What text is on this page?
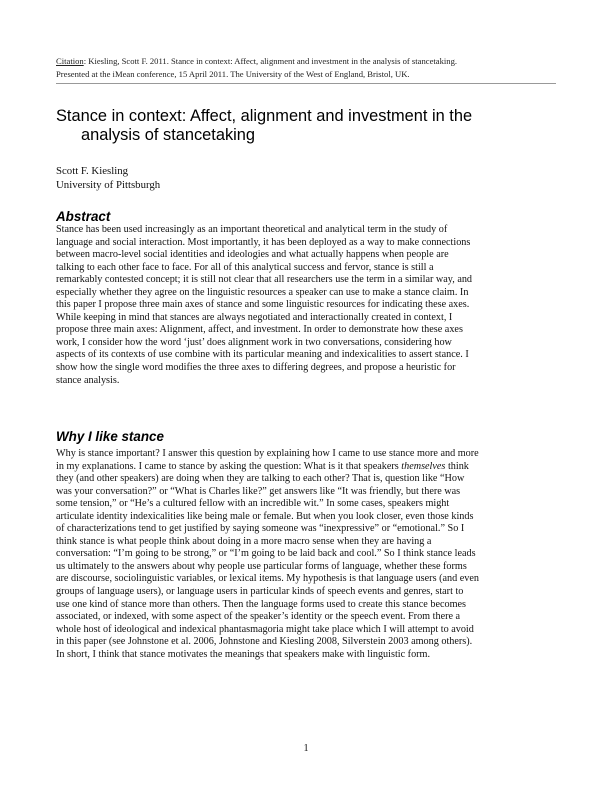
Citation: Kiesling, Scott F. 2011. Stance in context: Affect, alignment and investment in the analysis of stancetaking.
Presented at the iMean conference, 15 April 2011. The University of the West of England, Bristol, UK.
Stance in context: Affect, alignment and investment in the
analysis of stancetaking
Scott F. Kiesling
University of Pittsburgh
Abstract
Stance has been used increasingly as an important theoretical and analytical term in the study of
language and social interaction. Most importantly, it has been deployed as a way to make connections
between macro-level social identities and ideologies and what actually happens when people are
talking to each other face to face. For all of this analytical success and fervor, stance is still a
remarkably contested concept; it is still not clear that all researchers use the term in a similar way, and
especially whether they agree on the linguistic resources a speaker can use to make a stance claim. In
this paper I propose three main axes of stance and some linguistic resources for indicating these axes.
While keeping in mind that stances are always negotiated and interactionally created in context, I
propose three main axes: Alignment, affect, and investment. In order to demonstrate how these axes
work, I consider how the word ‘just’ does alignment work in two conversations, considering how
aspects of its contexts of use combine with its particular meaning and indexicalities to assert stance. I
show how the single word modifies the three axes to differing degrees, and propose a heuristic for
stance analysis.
Why I like stance
Why is stance important? I answer this question by explaining how I came to use stance more and more
in my explanations. I came to stance by asking the question: What is it that speakers themselves think
they (and other speakers) are doing when they are talking to each other? That is, question like “How
was your conversation?” or “What is Charles like?” get answers like “It was friendly, but there was
some tension,” or “He’s a cultured fellow with an incredible wit.” In some cases, speakers might
articulate identity indexicalities like being male or female. But when you look closer, even those kinds
of characterizations tend to get justified by saying someone was “inexpressive” or “emotional.” So I
think stance is what people think about doing in a more macro sense when they are having a
conversation: “I’m going to be strong,” or “I’m going to be laid back and cool.” So I think stance leads
us ultimately to the answers about why people use particular forms of language, whether these forms
are discourse, sociolinguistic variables, or lexical items. My hypothesis is that language users (and even
groups of language users), or language users in particular kinds of speech events and genres, start to
use one kind of stance more than others. Then the language forms used to create this stance becomes
associated, or indexed, with some aspect of the speaker’s identity or the speech event. From there a
whole host of ideological and indexical phantasmagoria might take place which I will attempt to avoid
in this paper (see Johnstone et al. 2006, Johnstone and Kiesling 2008, Silverstein 2003 among others).
In short, I think that stance motivates the meanings that speakers make with linguistic form.
1
